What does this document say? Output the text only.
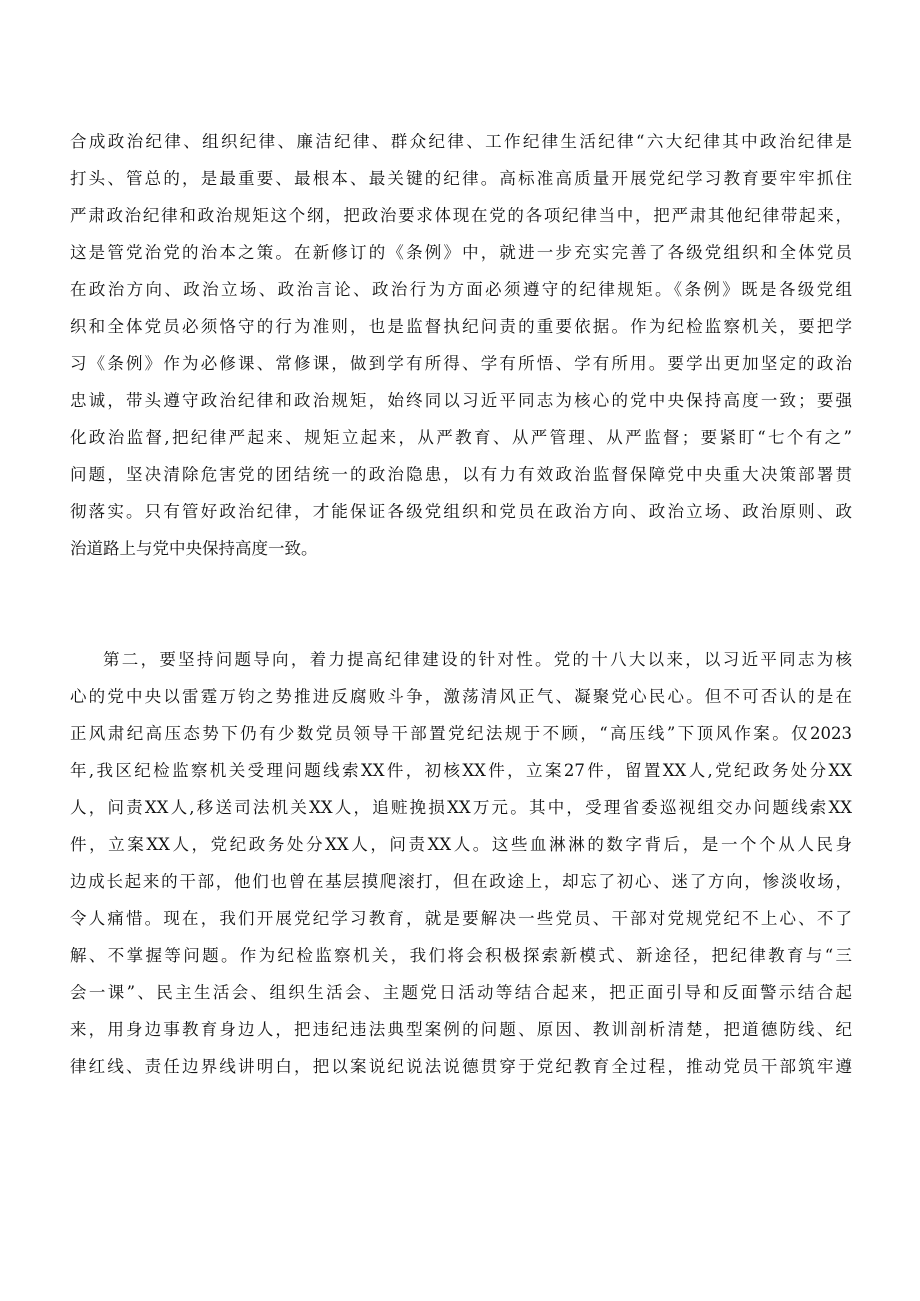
合成政治纪律、组织纪律、廉洁纪律、群众纪律、工作纪律生活纪律“六大纪律其中政治纪律是
打头、管总的，是最重要、最根本、最关键的纪律。高标准高质量开展党纪学习教育要牢牢抓住
严肃政治纪律和政治规矩这个纲，把政治要求体现在党的各项纪律当中，把严肃其他纪律带起来，
这是管党治党的治本之策。在新修订的《条例》中，就进一步充实完善了各级党组织和全体党员
在政治方向、政治立场、政治言论、政治行为方面必须遵守的纪律规矩。《条例》既是各级党组
织和全体党员必须恪守的行为准则，也是监督执纪问责的重要依据。作为纪检监察机关，要把学
习《条例》作为必修课、常修课，做到学有所得、学有所悟、学有所用。要学出更加坚定的政治
忠诚，带头遵守政治纪律和政治规矩，始终同以习近平同志为核心的党中央保持高度一致；要强
化政治监督,把纪律严起来、规矩立起来，从严教育、从严管理、从严监督；要紧盯“七个有之”
问题，坚决清除危害党的团结统一的政治隐患，以有力有效政治监督保障党中央重大决策部署贯
彻落实。只有管好政治纪律，才能保证各级党组织和党员在政治方向、政治立场、政治原则、政
治道路上与党中央保持高度一致。
第二，要坚持问题导向，着力提高纪律建设的针对性。党的十八大以来，以习近平同志为核
心的党中央以雷霆万钧之势推进反腐败斗争，激荡清风正气、凝聚党心民心。但不可否认的是在
正风肃纪高压态势下仍有少数党员领导干部置党纪法规于不顾，“高压线”下顶风作案。仅2023
年,我区纪检监察机关受理问题线索XX件，初核XX件，立案27件，留置XX人,党纪政务处分XX
人，问责XX人,移送司法机关XX人，追赃挽损XX万元。其中，受理省委巡视组交办问题线索XX
件，立案XX人，党纪政务处分XX人，问责XX人。这些血淋淋的数字背后，是一个个从人民身
边成长起来的干部，他们也曾在基层摸爬滚打，但在政途上，却忘了初心、迷了方向，惨淡收场，
令人痛惜。现在，我们开展党纪学习教育，就是要解决一些党员、干部对党规党纪不上心、不了
解、不掌握等问题。作为纪检监察机关，我们将会积极探索新模式、新途径，把纪律教育与“三
会一课”、民主生活会、组织生活会、主题党日活动等结合起来，把正面引导和反面警示结合起
来，用身边事教育身边人，把违纪违法典型案例的问题、原因、教训剖析清楚，把道德防线、纪
律红线、责任边界线讲明白，把以案说纪说法说德贯穿于党纪教育全过程，推动党员干部筑牢遵
